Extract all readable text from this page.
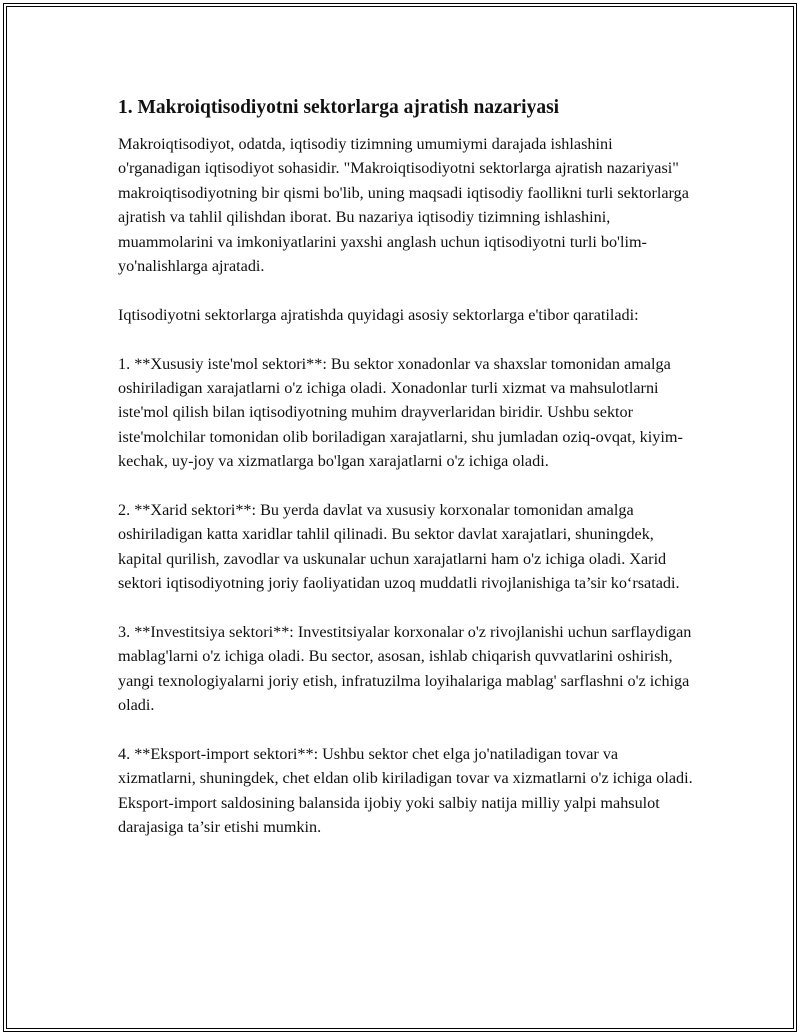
1. Makroiqtisodiyotni sektorlarga ajratish nazariyasi

Makroiqtisodiyot, odatda, iqtisodiy tizimning umumiymi darajada ishlashini o'rganadigan iqtisodiyot sohasidir. "Makroiqtisodiyotni sektorlarga ajratish nazariyasi" makroiqtisodiyotning bir qismi bo'lib, uning maqsadi iqtisodiy faollikni turli sektorlarga ajratish va tahlil qilishdan iborat. Bu nazariya iqtisodiy tizimning ishlashini, muammolarini va imkoniyatlarini yaxshi anglash uchun iqtisodiyotni turli bo'lim- yo'nalishlarga ajratadi.

Iqtisodiyotni sektorlarga ajratishda quyidagi asosiy sektorlarga e'tibor qaratiladi:

1. **Xususiy iste'mol sektori**: Bu sektor xonadonlar va shaxslar tomonidan amalga oshiriladigan xarajatlarni o'z ichiga oladi. Xonadonlar turli xizmat va mahsulotlarni iste'mol qilish bilan iqtisodiyotning muhim drayverlaridan biridir. Ushbu sektor iste'molchilar tomonidan olib boriladigan xarajatlarni, shu jumladan oziq-ovqat, kiyim-kechak, uy-joy va xizmatlarga bo'lgan xarajatlarni o'z ichiga oladi.

2. **Xarid sektori**: Bu yerda davlat va xususiy korxonalar tomonidan amalga oshiriladigan katta xaridlar tahlil qilinadi. Bu sektor davlat xarajatlari, shuningdek, kapital qurilish, zavodlar va uskunalar uchun xarajatlarni ham o'z ichiga oladi. Xarid sektori iqtisodiyotning joriy faoliyatidan uzoq muddatli rivojlanishiga ta’sir ko‘rsatadi.

3. **Investitsiya sektori**: Investitsiyalar korxonalar o'z rivojlanishi uchun sarflaydigan mablag'larni o'z ichiga oladi. Bu sector, asosan, ishlab chiqarish quvvatlarini oshirish, yangi texnologiyalarni joriy etish, infratuzilma loyihalariga mablag' sarflashni o'z ichiga oladi.

4. **Eksport-import sektori**: Ushbu sektor chet elga jo'natiladigan tovar va xizmatlarni, shuningdek, chet eldan olib kiriladigan tovar va xizmatlarni o'z ichiga oladi. Eksport-import saldosining balansida ijobiy yoki salbiy natija milliy yalpi mahsulot darajasiga ta’sir etishi mumkin.
